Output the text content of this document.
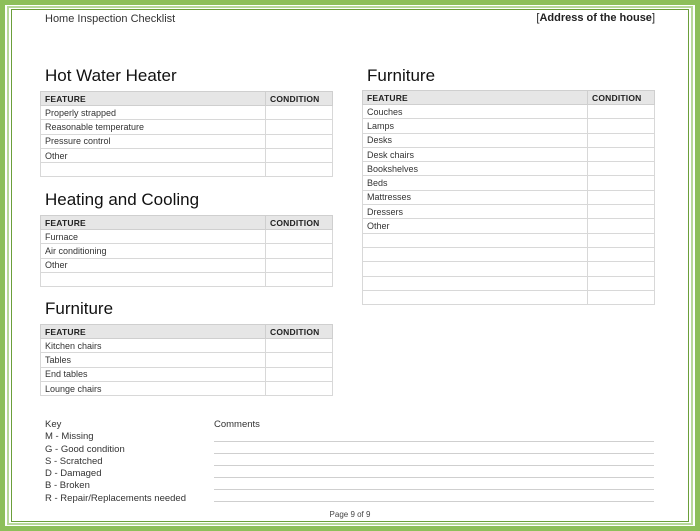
Home Inspection Checklist	[Address of the house]
Hot Water Heater
FEATURE	CONDITION
Properly strapped	
Reasonable temperature	
Pressure control	
Other	

Heating and Cooling
FEATURE	CONDITION
Furnace	
Air conditioning	
Other	

Furniture
FEATURE	CONDITION
Kitchen chairs	
Tables	
End tables	
Lounge chairs	
Furniture
FEATURE	CONDITION
Couches	
Lamps	
Desks	
Desk chairs	
Bookshelves	
Beds	
Mattresses	
Dressers	
Other	

Key
M - Missing
G - Good condition
S - Scratched
D - Damaged
B - Broken
R - Repair/Replacements needed
Comments
Page 9 of 9
